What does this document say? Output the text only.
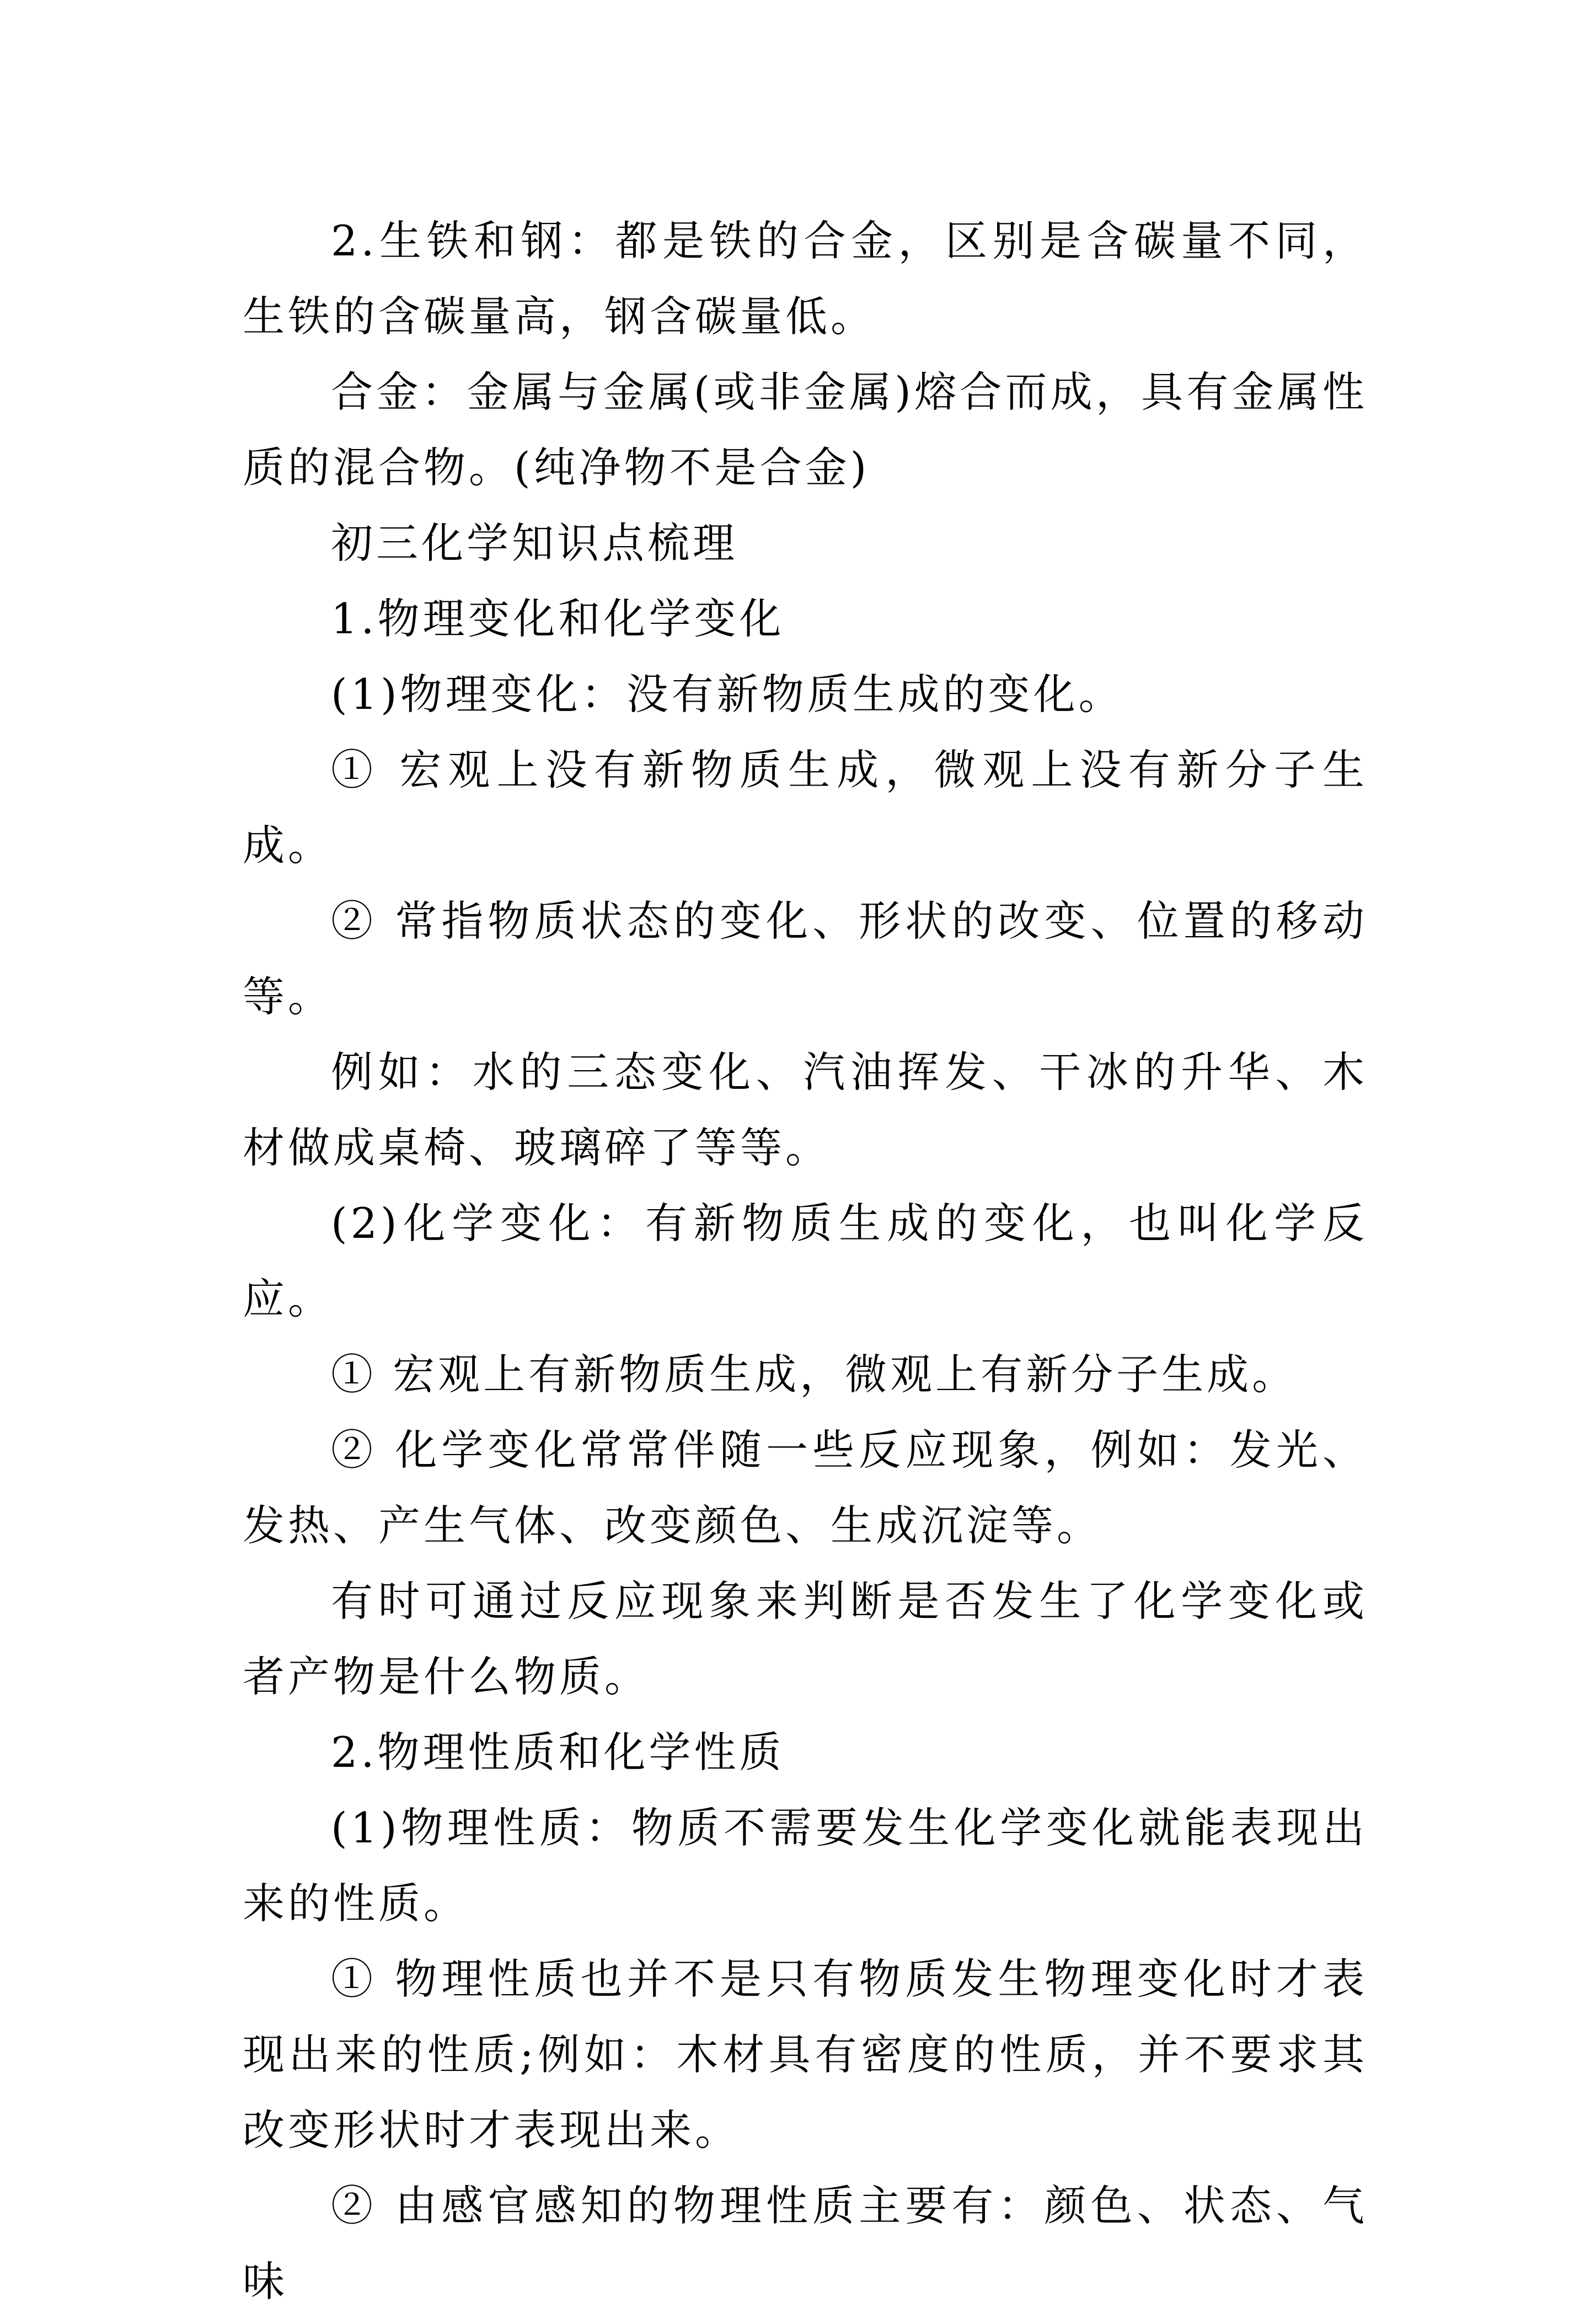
2.生铁和钢：都是铁的合金，区别是含碳量不同，生铁的含碳量高，钢含碳量低。

合金：金属与金属(或非金属)熔合而成，具有金属性质的混合物。(纯净物不是合金)

初三化学知识点梳理

1.物理变化和化学变化

(1)物理变化：没有新物质生成的变化。

① 宏观上没有新物质生成，微观上没有新分子生成。

② 常指物质状态的变化、形状的改变、位置的移动等。

例如：水的三态变化、汽油挥发、干冰的升华、木材做成桌椅、玻璃碎了等等。

(2)化学变化：有新物质生成的变化，也叫化学反应。

① 宏观上有新物质生成，微观上有新分子生成。

② 化学变化常常伴随一些反应现象，例如：发光、发热、产生气体、改变颜色、生成沉淀等。

有时可通过反应现象来判断是否发生了化学变化或者产物是什么物质。

2.物理性质和化学性质

(1)物理性质：物质不需要发生化学变化就能表现出来的性质。

① 物理性质也并不是只有物质发生物理变化时才表现出来的性质;例如：木材具有密度的性质，并不要求其改变形状时才表现出来。

② 由感官感知的物理性质主要有：颜色、状态、气味
